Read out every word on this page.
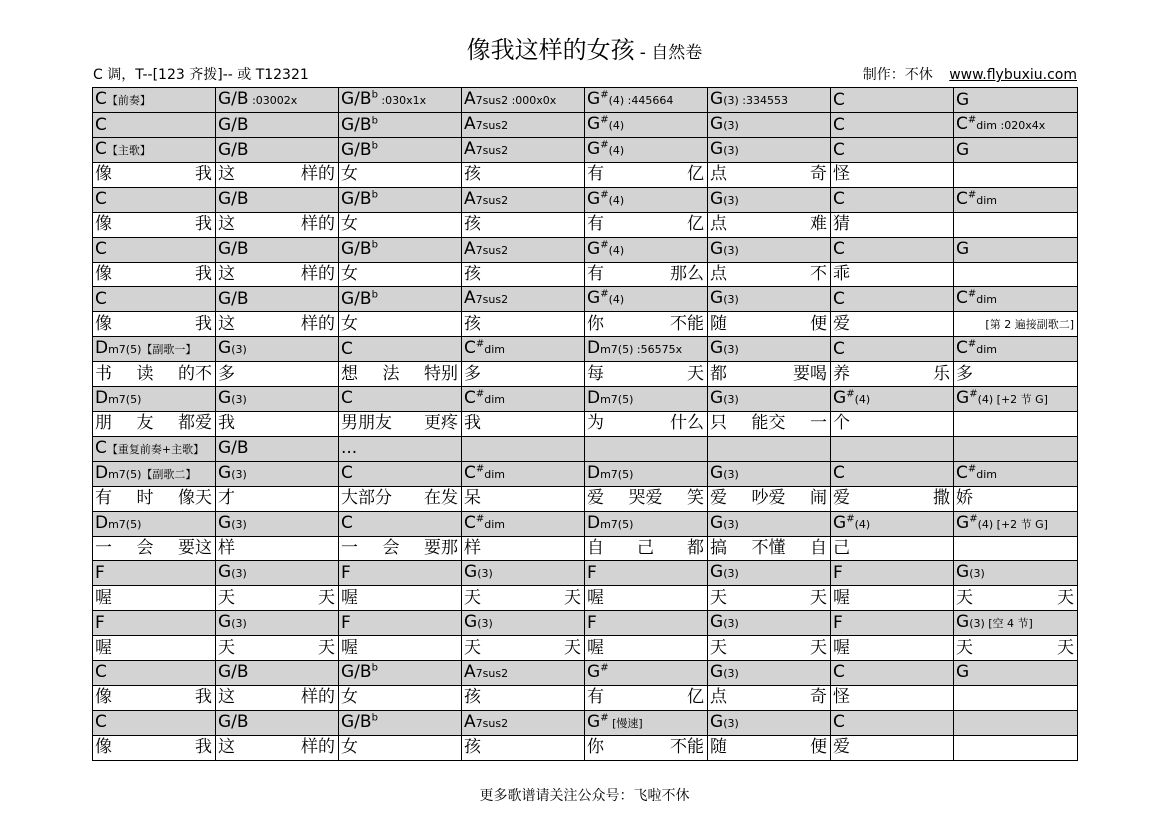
像我这样的女孩 - 自然卷
C 调，T--[123 齐拨]-- 或 T12321	制作：不休 www.flybuxiu.com
C【前奏】	G/B :03002x	$G/B^b$ :030x1x	A7sus2 :000x0x	G#(4) :445664	G(3) :334553	C	G
C	G/B	$G/B^b$	A7sus2	G#(4)	G(3)	C	C#dim :020x4x
C【主歌】	G/B	$G/B^b$	A7sus2	G#(4)	G(3)	C	G

像 我	这 样的	女	孩	有 亿	点 奇	怪	

C	G/B	$G/B^b$	A7sus2	G#(4)	G(3)	C	C#dim

像 我	这 样的	女	孩	有 亿	点 难	猜	

C	G/B	$G/B^b$	A7sus2	G#(4)	G(3)	C	G

像 我	这 样的	女	孩	有 那么	点 不	乖	

C	G/B	$G/B^b$	A7sus2	G#(4)	G(3)	C	C#dim

像 我	这 样的	女	孩	你 不能	随 便	爱	[第 2 遍接副歌二]

Dm7(5)【副歌一】	G(3)	C	C#dim	Dm7(5) :56575x	G(3)	C	C#dim

书 读 的不	多	想 法 特别	多	每 天	都 要喝	养 乐	多

Dm7(5)	G(3)	C	C#dim	Dm7(5)	G(3)	G#(4)	G#(4) [+2 节 G]

朋 友 都爱	我	男朋友 更疼	我	为 什么	只 能交 一	个	

C【重复前奏+主歌】	G/B	...					
Dm7(5)【副歌二】	G(3)	C	C#dim	Dm7(5)	G(3)	C	C#dim

有 时 像天	才	大部分 在发	呆	爱 哭爱 笑	爱 吵爱 闹	爱 撒	娇

Dm7(5)	G(3)	C	C#dim	Dm7(5)	G(3)	G#(4)	G#(4) [+2 节 G]

一 会 要这	样	一 会 要那	样	自 己 都	搞 不懂 自	己	

F	G(3)	F	G(3)	F	G(3)	F	G(3)

喔	天 天	喔	天 天	喔	天 天	喔	天 天

F	G(3)	F	G(3)	F	G(3)	F	G(3) [空 4 节]

喔	天 天	喔	天 天	喔	天 天	喔	天 天

C	G/B	$G/B^b$	A7sus2	G#	G(3)	C	G

像 我	这 样的	女	孩	有 亿	点 奇	怪	

C	G/B	$G/B^b$	A7sus2	G# [慢速]	G(3)	C	

像 我	这 样的	女	孩	你 不能	随 便	爱	

更多歌谱请关注公众号：飞啦不休
